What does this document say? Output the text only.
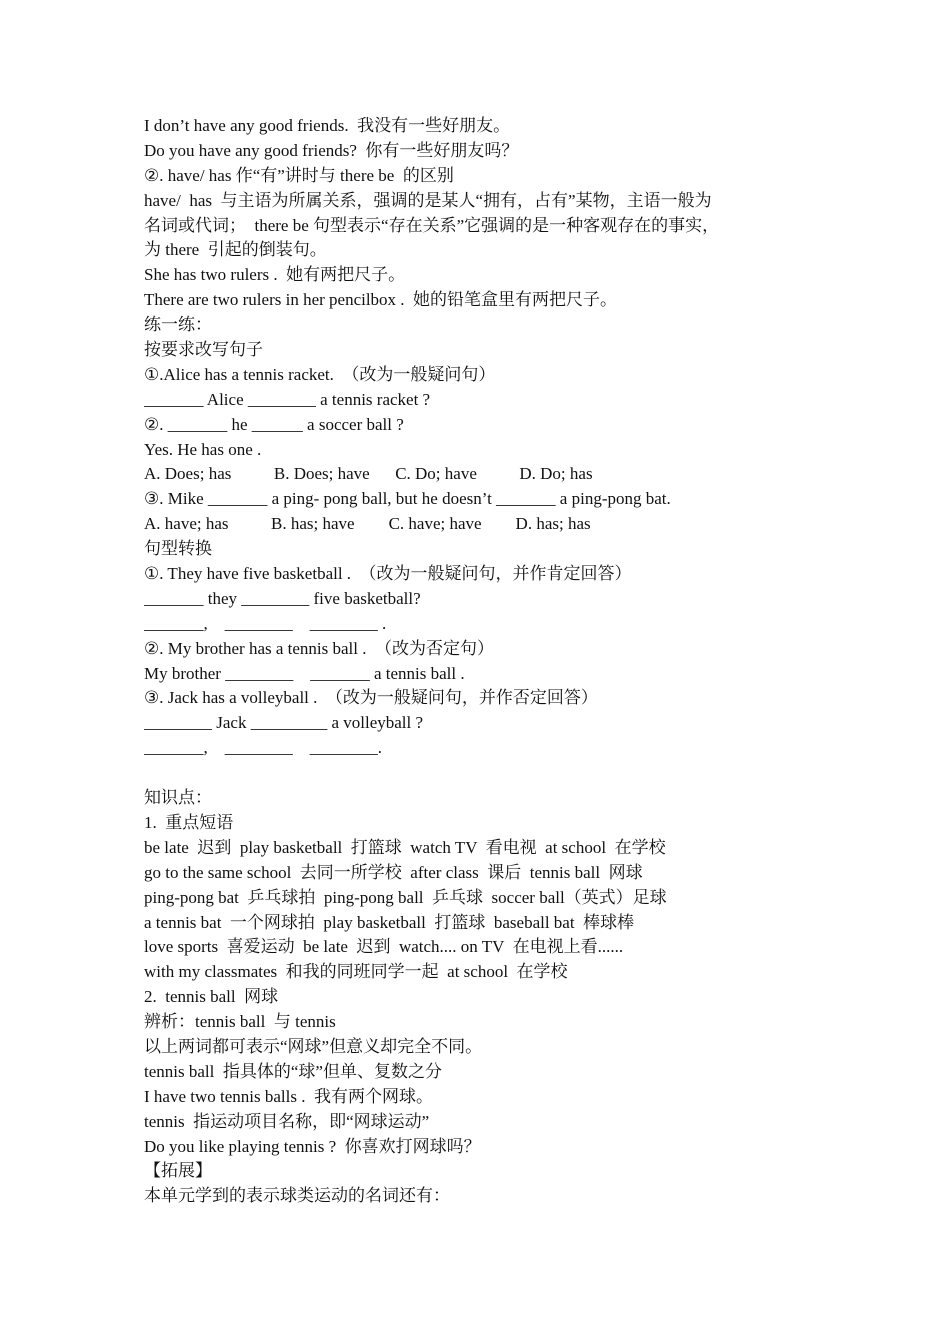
I don’t have any good friends.  我没有一些好朋友。
Do you have any good friends?  你有一些好朋友吗？
②. have/ has 作“有”讲时与 there be  的区别
have/  has  与主语为所属关系，强调的是某人“拥有，占有”某物，主语一般为
名词或代词；  there be 句型表示“存在关系”它强调的是一种客观存在的事实，
为 there  引起的倒装句。
She has two rulers .  她有两把尺子。
There are two rulers in her pencilbox .  她的铅笔盒里有两把尺子。
练一练：
按要求改写句子
①.Alice has a tennis racket.  （改为一般疑问句）
_______ Alice ________ a tennis racket ?
②. _______ he ______ a soccer ball ?
Yes. He has one .
A. Does; has          B. Does; have      C. Do; have          D. Do; has
③. Mike _______ a ping- pong ball, but he doesn’t _______ a ping-pong bat.
A. have; has          B. has; have        C. have; have        D. has; has
句型转换
①. They have five basketball .  （改为一般疑问句，并作肯定回答）
_______ they ________ five basketball?
_______,    ________    ________ .
②. My brother has a tennis ball .  （改为否定句）
My brother ________    _______ a tennis ball .
③. Jack has a volleyball .  （改为一般疑问句，并作否定回答）
________ Jack _________ a volleyball ?
_______,    ________    ________.
知识点：
1.  重点短语
be late  迟到  play basketball  打篮球  watch TV  看电视  at school  在学校
go to the same school  去同一所学校  after class  课后  tennis ball  网球
ping-pong bat  乒乓球拍  ping-pong ball  乒乓球  soccer ball（英式）足球
a tennis bat  一个网球拍  play basketball  打篮球  baseball bat  棒球棒
love sports  喜爱运动  be late  迟到  watch.... on TV  在电视上看......
with my classmates  和我的同班同学一起  at school  在学校
2.  tennis ball  网球
辨析：tennis ball  与 tennis
以上两词都可表示“网球”但意义却完全不同。
tennis ball  指具体的“球”但单、复数之分
I have two tennis balls .  我有两个网球。
tennis  指运动项目名称，即“网球运动”
Do you like playing tennis ?  你喜欢打网球吗？
【拓展】
本单元学到的表示球类运动的名词还有：
